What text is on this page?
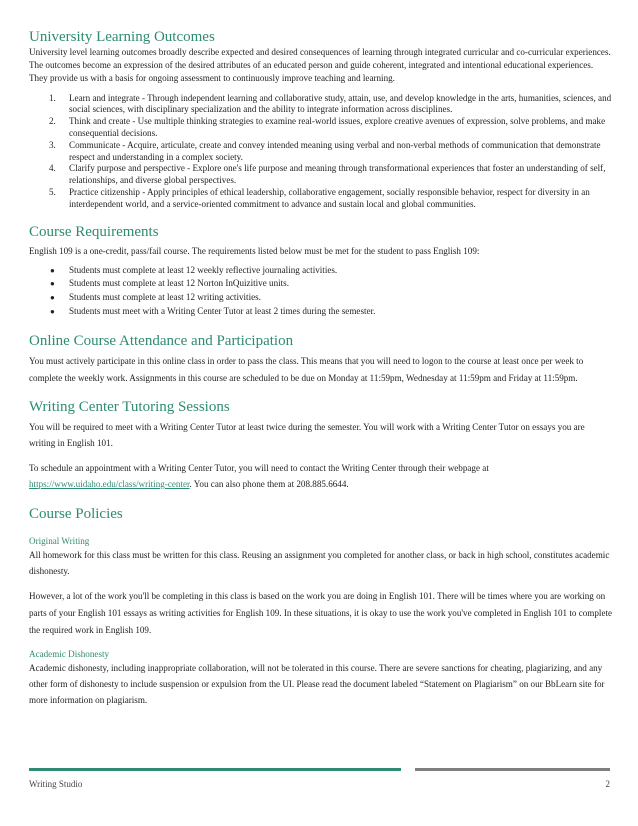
University Learning Outcomes

University level learning outcomes broadly describe expected and desired consequences of learning through integrated curricular and co-curricular experiences. The outcomes become an expression of the desired attributes of an educated person and guide coherent, integrated and intentional educational experiences. They provide us with a basis for ongoing assessment to continuously improve teaching and learning.

1. Learn and integrate - Through independent learning and collaborative study, attain, use, and develop knowledge in the arts, humanities, sciences, and social sciences, with disciplinary specialization and the ability to integrate information across disciplines.
2. Think and create - Use multiple thinking strategies to examine real-world issues, explore creative avenues of expression, solve problems, and make consequential decisions.
3. Communicate - Acquire, articulate, create and convey intended meaning using verbal and non-verbal methods of communication that demonstrate respect and understanding in a complex society.
4. Clarify purpose and perspective - Explore one's life purpose and meaning through transformational experiences that foster an understanding of self, relationships, and diverse global perspectives.
5. Practice citizenship - Apply principles of ethical leadership, collaborative engagement, socially responsible behavior, respect for diversity in an interdependent world, and a service-oriented commitment to advance and sustain local and global communities.
Course Requirements

English 109 is a one-credit, pass/fail course. The requirements listed below must be met for the student to pass English 109:

● Students must complete at least 12 weekly reflective journaling activities.
● Students must complete at least 12 Norton InQuizitive units.
● Students must complete at least 12 writing activities.
● Students must meet with a Writing Center Tutor at least 2 times during the semester.
Online Course Attendance and Participation

You must actively participate in this online class in order to pass the class. This means that you will need to logon to the course at least once per week to complete the weekly work. Assignments in this course are scheduled to be due on Monday at 11:59pm, Wednesday at 11:59pm and Friday at 11:59pm.

Writing Center Tutoring Sessions

You will be required to meet with a Writing Center Tutor at least twice during the semester. You will work with a Writing Center Tutor on essays you are writing in English 101.

To schedule an appointment with a Writing Center Tutor, you will need to contact the Writing Center through their webpage at https://www.uidaho.edu/class/writing-center. You can also phone them at 208.885.6644.

Course Policies
Original Writing

All homework for this class must be written for this class. Reusing an assignment you completed for another class, or back in high school, constitutes academic dishonesty.

However, a lot of the work you'll be completing in this class is based on the work you are doing in English 101. There will be times where you are working on parts of your English 101 essays as writing activities for English 109. In these situations, it is okay to use the work you've completed in English 101 to complete the required work in English 109.

Academic Dishonesty

Academic dishonesty, including inappropriate collaboration, will not be tolerated in this course. There are severe sanctions for cheating, plagiarizing, and any other form of dishonesty to include suspension or expulsion from the UI. Please read the document labeled “Statement on Plagiarism” on our BbLearn site for more information on plagiarism.

Writing Studio	2
